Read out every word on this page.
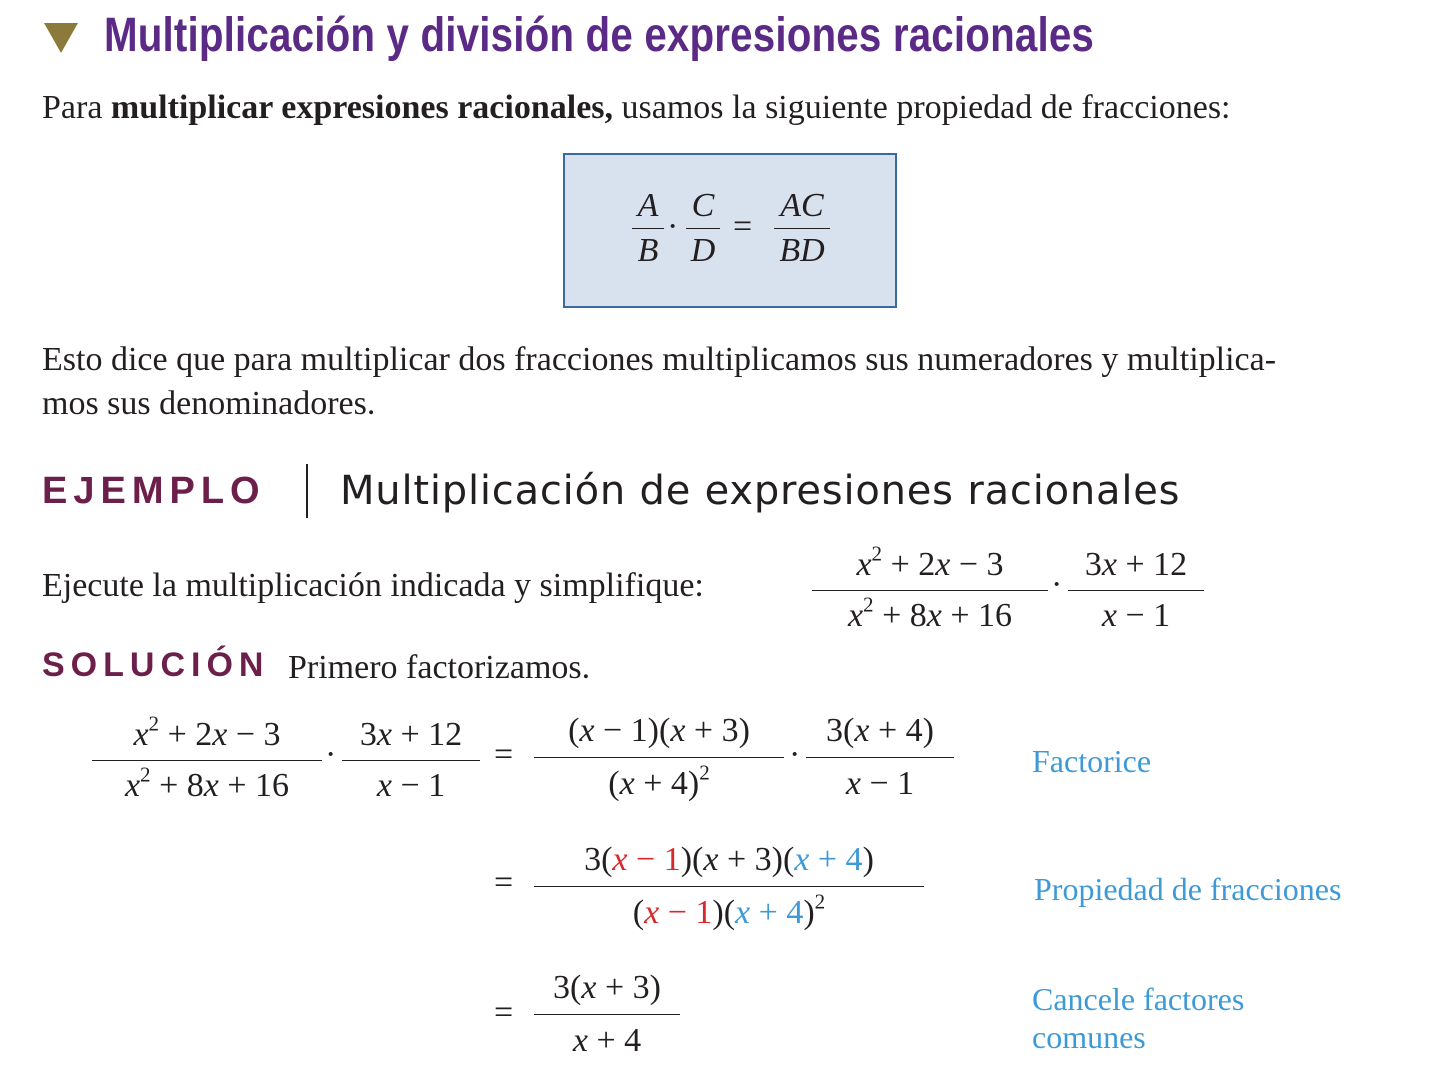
Multiplicación y división de expresiones racionales
Para multiplicar expresiones racionales, usamos la siguiente propiedad de fracciones:
A
B
·
C
D
=
AC
BD
Esto dice que para multiplicar dos fracciones multiplicamos sus numeradores y multiplica-
mos sus denominadores.
EJEMPLO Multiplicación de expresiones racionales
Ejecute la multiplicación indicada y simplifique:
$x^2 + 2x - 3$
$x^2 + 8x + 16$
·
3x + 12
x − 1
SOLUCIÓN Primero factorizamos.
$x^2 + 2x - 3$
$x^2 + 8x + 16$
·
3x + 12
x − 1
=
(x − 1)(x + 3)
$(x + 4)^2$	·
3(x + 4)
x − 1
Factorice
=
3(x − 1)(x + 3)(x + 4)
$(x - 1)(x + 4)^2$	Propiedad de fracciones
=
3(x + 3)
x + 4
Cancele factores
comunes
